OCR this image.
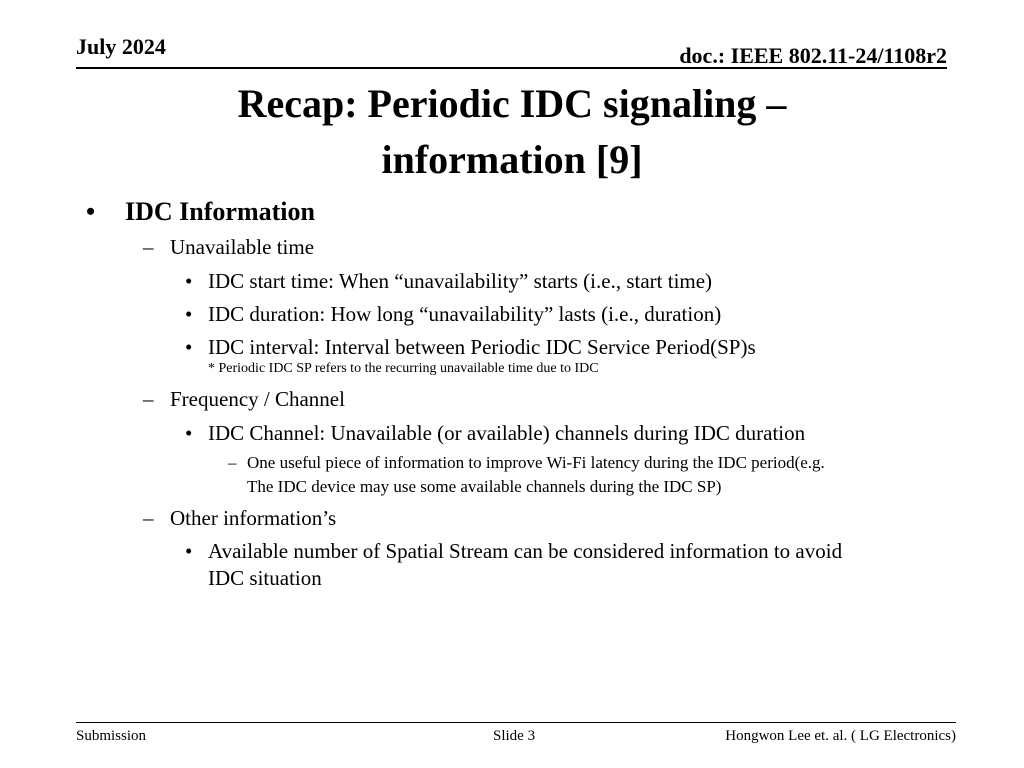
July 2024	doc.: IEEE 802.11-24/1108r2
Recap: Periodic IDC signaling –
information [9]
• IDC Information
– Unavailable time
• IDC start time: When “unavailability” starts (i.e., start time)
• IDC duration: How long “unavailability” lasts (i.e., duration)
• IDC interval: Interval between Periodic IDC Service Period(SP)s
* Periodic IDC SP refers to the recurring unavailable time due to IDC
– Frequency / Channel
• IDC Channel: Unavailable (or available) channels during IDC duration
– One useful piece of information to improve Wi-Fi latency during the IDC period(e.g.
The IDC device may use some available channels during the IDC SP)
– Other information’s
• Available number of Spatial Stream can be considered information to avoid
IDC situation
Submission	Slide 3	Hongwon Lee et. al. ( LG Electronics)
